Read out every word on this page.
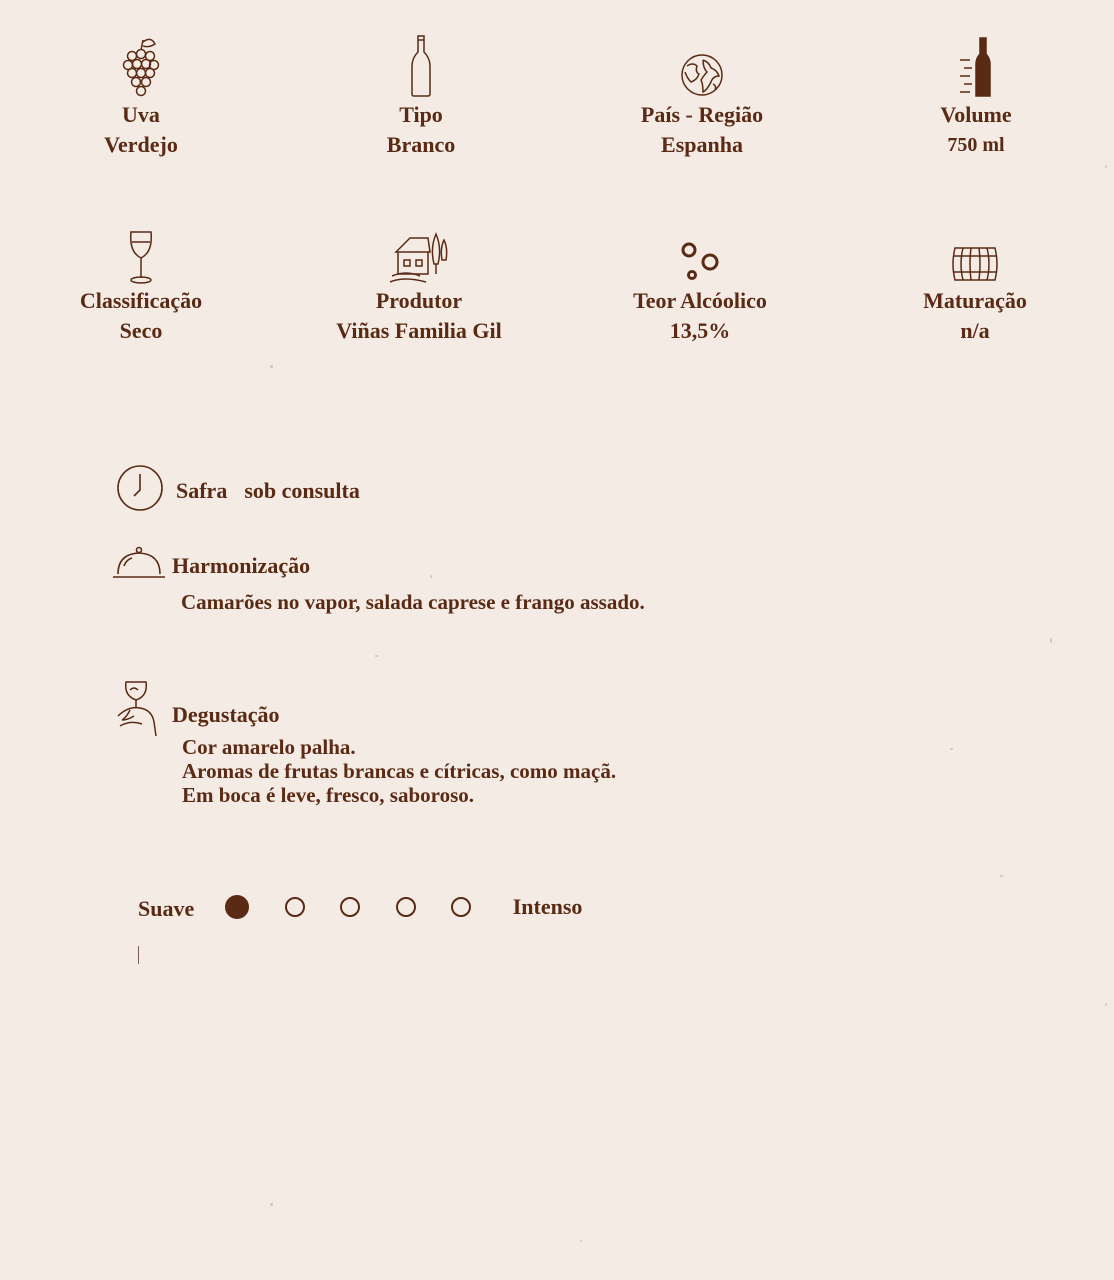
Uva
Verdejo
Tipo
Branco
País - Região
Espanha
Volume
750 ml
Classificação
Seco
Produtor
Viñas Familia Gil
Teor Alcóolico
13,5%
Maturação
n/a
Safra sob consulta
Harmonização
Camarões no vapor, salada caprese e frango assado.
Degustação
Cor amarelo palha.
Aromas de frutas brancas e cítricas, como maçã.
Em boca é leve, fresco, saboroso.
Suave	Intenso
